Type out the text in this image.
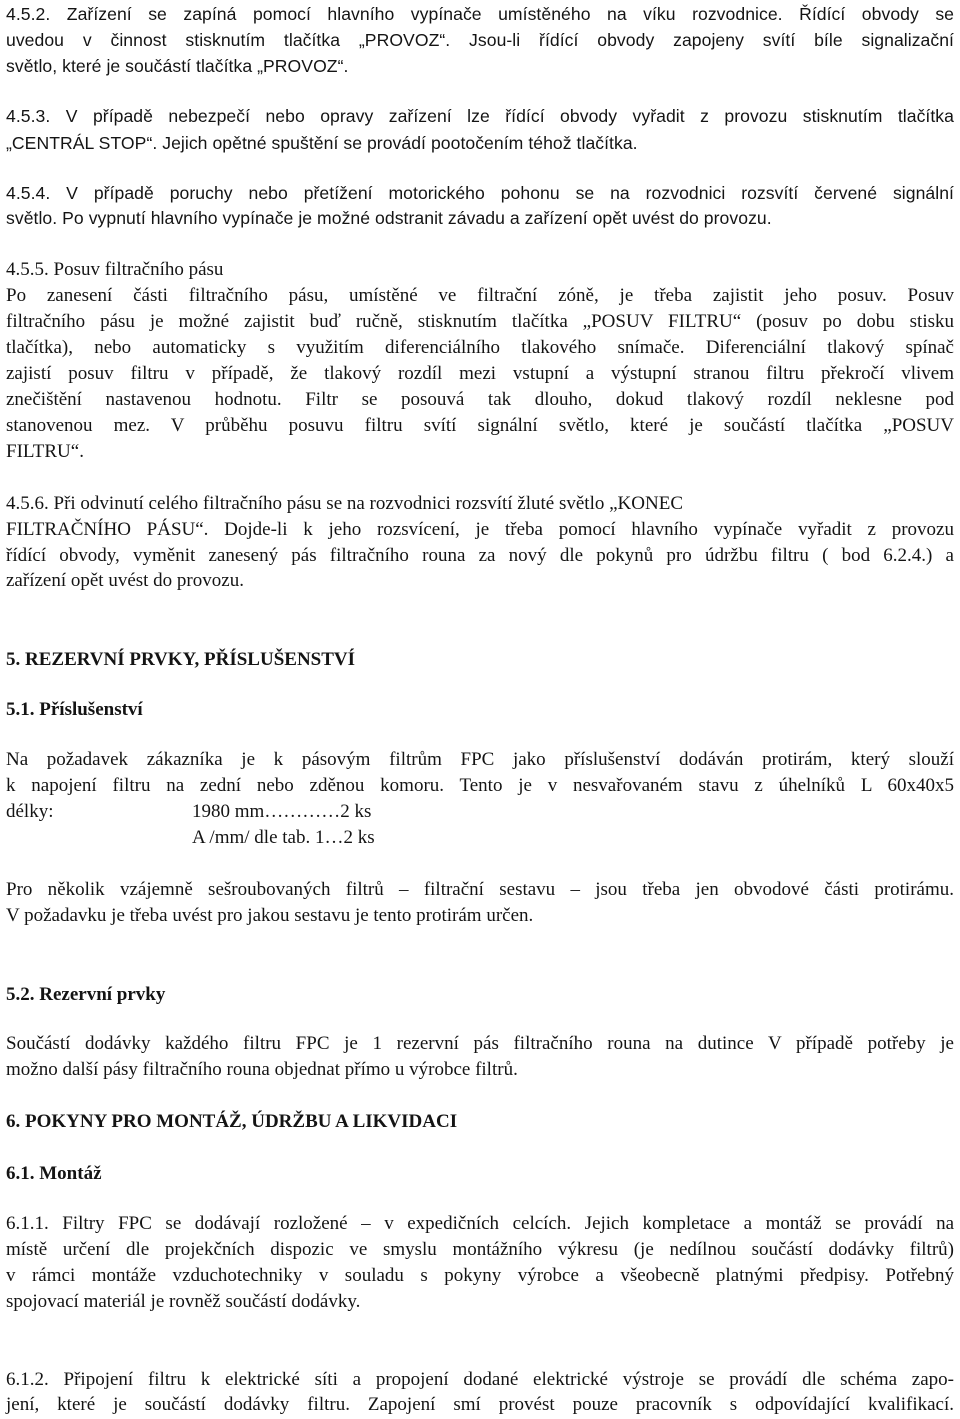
4.5.2. Zařízení se zapíná pomocí hlavního vypínače umístěného na víku rozvodnice. Řídící obvody se
uvedou v činnost stisknutím tlačítka „PROVOZ“. Jsou-li řídící obvody zapojeny svítí bíle signalizační
světlo, které je součástí tlačítka „PROVOZ“.
4.5.3. V případě nebezpečí nebo opravy zařízení lze řídící obvody vyřadit z provozu stisknutím tlačítka
„CENTRÁL STOP“. Jejich opětné spuštění se provádí pootočením téhož tlačítka.
4.5.4. V případě poruchy nebo přetížení motorického pohonu se na rozvodnici rozsvítí červené signální
světlo. Po vypnutí hlavního vypínače je možné odstranit závadu a zařízení opět uvést do provozu.
4.5.5. Posuv filtračního pásu
Po zanesení části filtračního pásu, umístěné ve filtrační zóně, je třeba zajistit jeho posuv. Posuv
filtračního pásu je možné zajistit buď ručně, stisknutím tlačítka „POSUV FILTRU“ (posuv po dobu stisku
tlačítka), nebo automaticky s využitím diferenciálního tlakového snímače. Diferenciální tlakový spínač
zajistí posuv filtru v případě, že tlakový rozdíl mezi vstupní a výstupní stranou filtru překročí vlivem
znečištění nastavenou hodnotu. Filtr se posouvá tak dlouho, dokud tlakový rozdíl neklesne pod
stanovenou mez. V průběhu posuvu filtru svítí signální světlo, které je součástí tlačítka „POSUV
FILTRU“.
4.5.6. Při odvinutí celého filtračního pásu se na rozvodnici rozsvítí žluté světlo „KONEC
FILTRAČNÍHO PÁSU“. Dojde-li k jeho rozsvícení, je třeba pomocí hlavního vypínače vyřadit z provozu
řídící obvody, vyměnit zanesený pás filtračního rouna za nový dle pokynů pro údržbu filtru ( bod 6.2.4.) a
zařízení opět uvést do provozu.
5. REZERVNÍ PRVKY, PŘÍSLUŠENSTVÍ
5.1. Příslušenství
Na požadavek zákazníka je k pásovým filtrům FPC jako příslušenství dodáván protirám, který slouží
k napojení filtru na zední nebo zděnou komoru. Tento je v nesvařovaném stavu z úhelníků L 60x40x5
délky:	1980 mm…………2 ks
A /mm/ dle tab. 1…2 ks
Pro několik vzájemně sešroubovaných filtrů – filtrační sestavu – jsou třeba jen obvodové části protirámu.
V požadavku je třeba uvést pro jakou sestavu je tento protirám určen.
5.2. Rezervní prvky
Součástí dodávky každého filtru FPC je 1 rezervní pás filtračního rouna na dutince V případě potřeby je
možno další pásy filtračního rouna objednat přímo u výrobce filtrů.
6. POKYNY PRO MONTÁŽ, ÚDRŽBU A LIKVIDACI
6.1. Montáž
6.1.1. Filtry FPC se dodávají rozložené – v expedičních celcích. Jejich kompletace a montáž se provádí na
místě určení dle projekčních dispozic ve smyslu montážního výkresu (je nedílnou součástí dodávky filtrů)
v rámci montáže vzduchotechniky v souladu s pokyny výrobce a všeobecně platnými předpisy. Potřebný
spojovací materiál je rovněž součástí dodávky.
6.1.2. Připojení filtru k elektrické síti a propojení dodané elektrické výstroje se provádí dle schéma zapo-
jení, které je součástí dodávky filtru. Zapojení smí provést pouze pracovník s odpovídající kvalifikací.
